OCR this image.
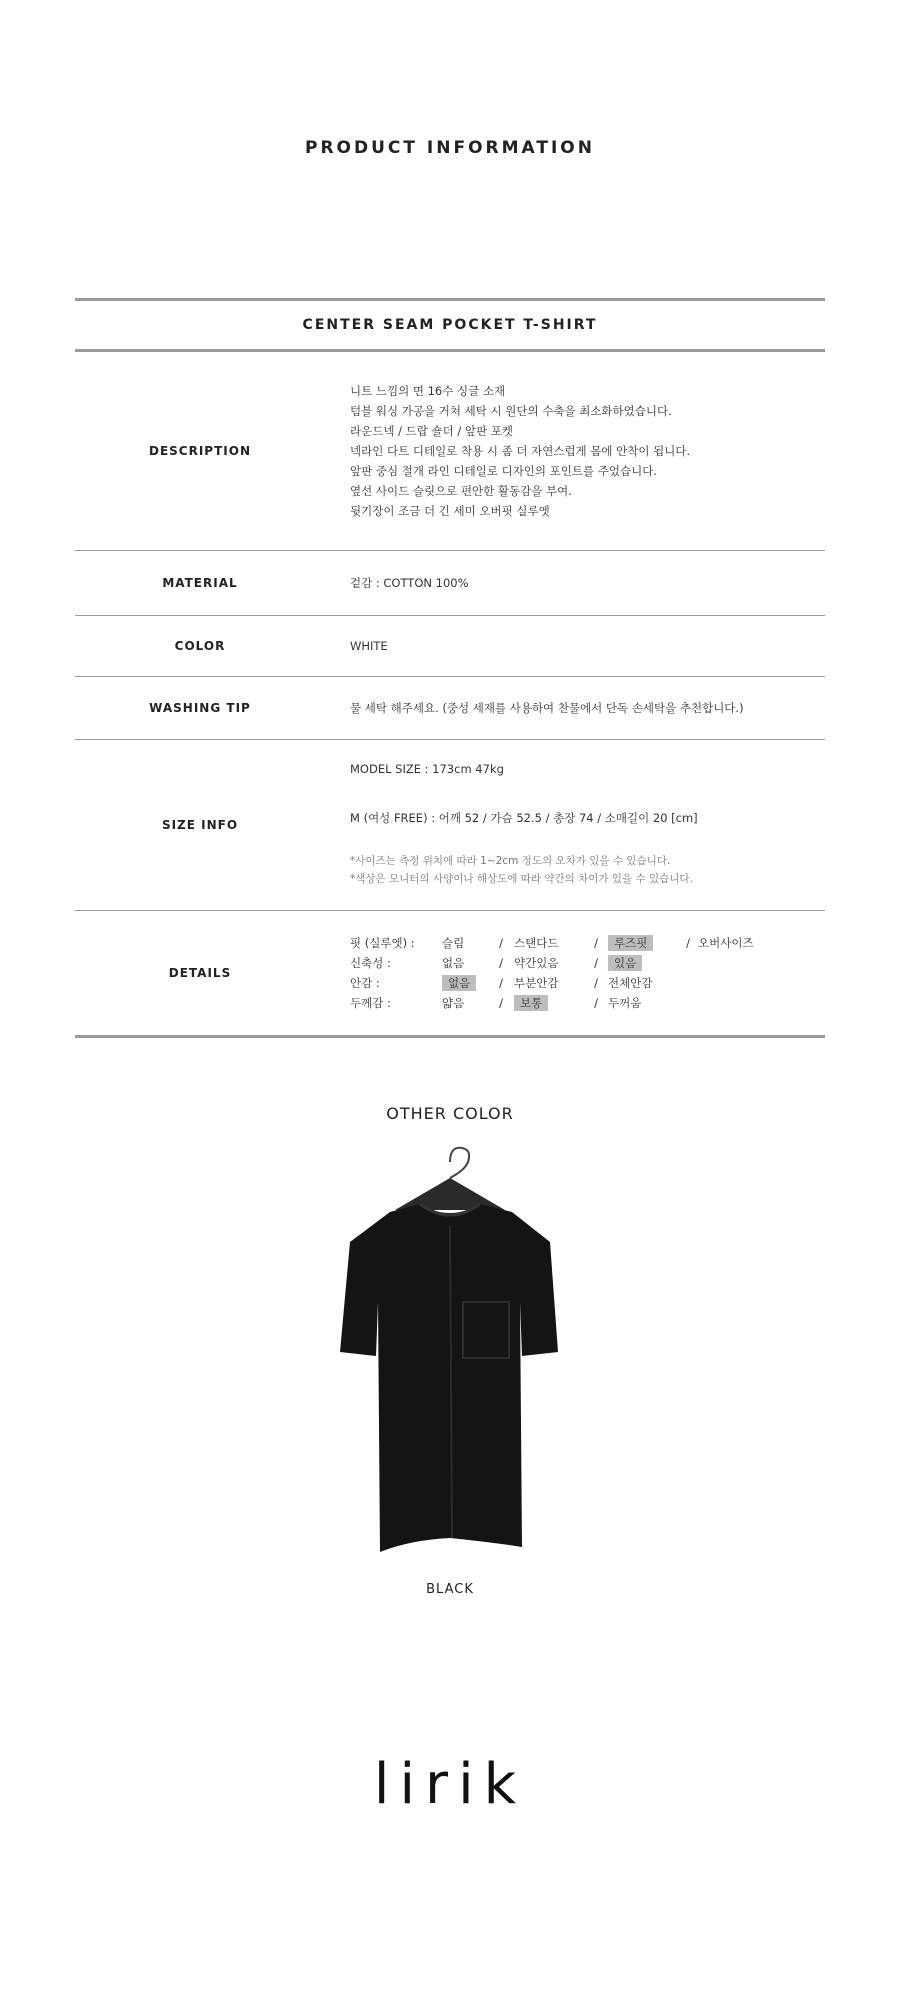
PRODUCT INFORMATION
CENTER SEAM POCKET T-SHIRT
DESCRIPTION
니트 느낌의 면 16수 싱글 소재
텀블 워싱 가공을 거쳐 세탁 시 원단의 수축을 최소화하였습니다.
라운드넥 / 드랍 숄더 / 앞판 포켓
넥라인 다트 디테일로 착용 시 좀 더 자연스럽게 몸에 안착이 됩니다.
앞판 중심 절개 라인 디테일로 디자인의 포인트를 주었습니다.
옆선 사이드 슬릿으로 편안한 활동감을 부여.
뒷기장이 조금 더 긴 세미 오버핏 실루엣
MATERIAL	겉감 : COTTON 100%
COLOR	WHITE
WASHING TIP	물 세탁 해주세요. (중성 세재를 사용하여 찬물에서 단독 손세탁을 추천합니다.)
SIZE INFO
MODEL SIZE : 173cm 47kg
M (여성 FREE) : 어깨 52 / 가슴 52.5 / 총장 74 / 소매길이 20 [cm]
*사이즈는 측정 위치에 따라 1~2cm 정도의 오차가 있을 수 있습니다.
*색상은 모니터의 사양이나 해상도에 따라 약간의 차이가 있을 수 있습니다.
DETAILS
핏 (실루엣) :	슬림	/ 스탠다드	/	루즈핏	/ 오버사이즈
신축성 :	없음	/ 약간있음	/	있음
안감 :	없음	/ 부분안감	/ 전체안감
두께감 :	얇음	/	보통	/ 두꺼움
OTHER COLOR
BLACK
lirik
